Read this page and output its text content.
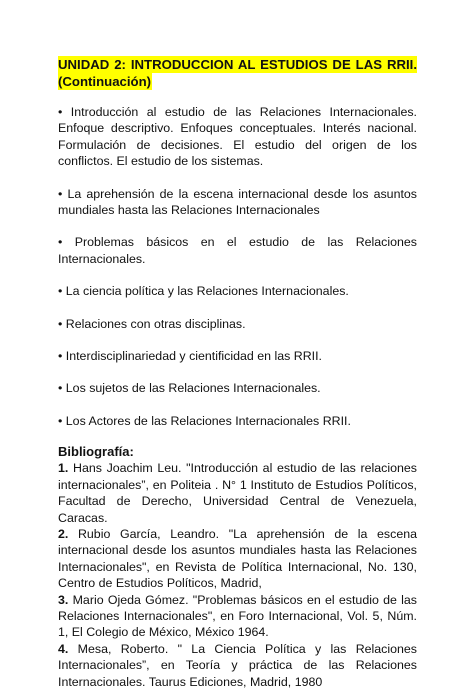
UNIDAD 2: INTRODUCCION AL ESTUDIOS DE LAS RRII.
(Continuación)

• Introducción al estudio de las Relaciones Internacionales. Enfoque descriptivo. Enfoques conceptuales. Interés nacional. Formulación de decisiones. El estudio del origen de los conflictos. El estudio de los sistemas.

• La aprehensión de la escena internacional desde los asuntos mundiales hasta las Relaciones Internacionales

• Problemas básicos en el estudio de las Relaciones Internacionales.

• La ciencia política y las Relaciones Internacionales.

• Relaciones con otras disciplinas.

• Interdisciplinariedad y cientificidad en las RRII.

• Los sujetos de las Relaciones Internacionales.

• Los Actores de las Relaciones Internacionales RRII.

Bibliografía:

1. Hans Joachim Leu. "Introducción al estudio de las relaciones internacionales”, en Politeia . N° 1 Instituto de Estudios Políticos, Facultad de Derecho, Universidad Central de Venezuela, Caracas.

2. Rubio García, Leandro. "La aprehensión de la escena internacional desde los asuntos mundiales hasta las Relaciones Internacionales", en Revista de Política Internacional, No. 130, Centro de Estudios Políticos, Madrid,

3. Mario Ojeda Gómez. "Problemas básicos en el estudio de las Relaciones Internacionales", en Foro Internacional, Vol. 5, Núm. 1, El Colegio de México, México 1964.

4. Mesa, Roberto. " La Ciencia Política y las Relaciones Internacionales”, en Teoría y práctica de las Relaciones Internacionales. Taurus Ediciones, Madrid, 1980
